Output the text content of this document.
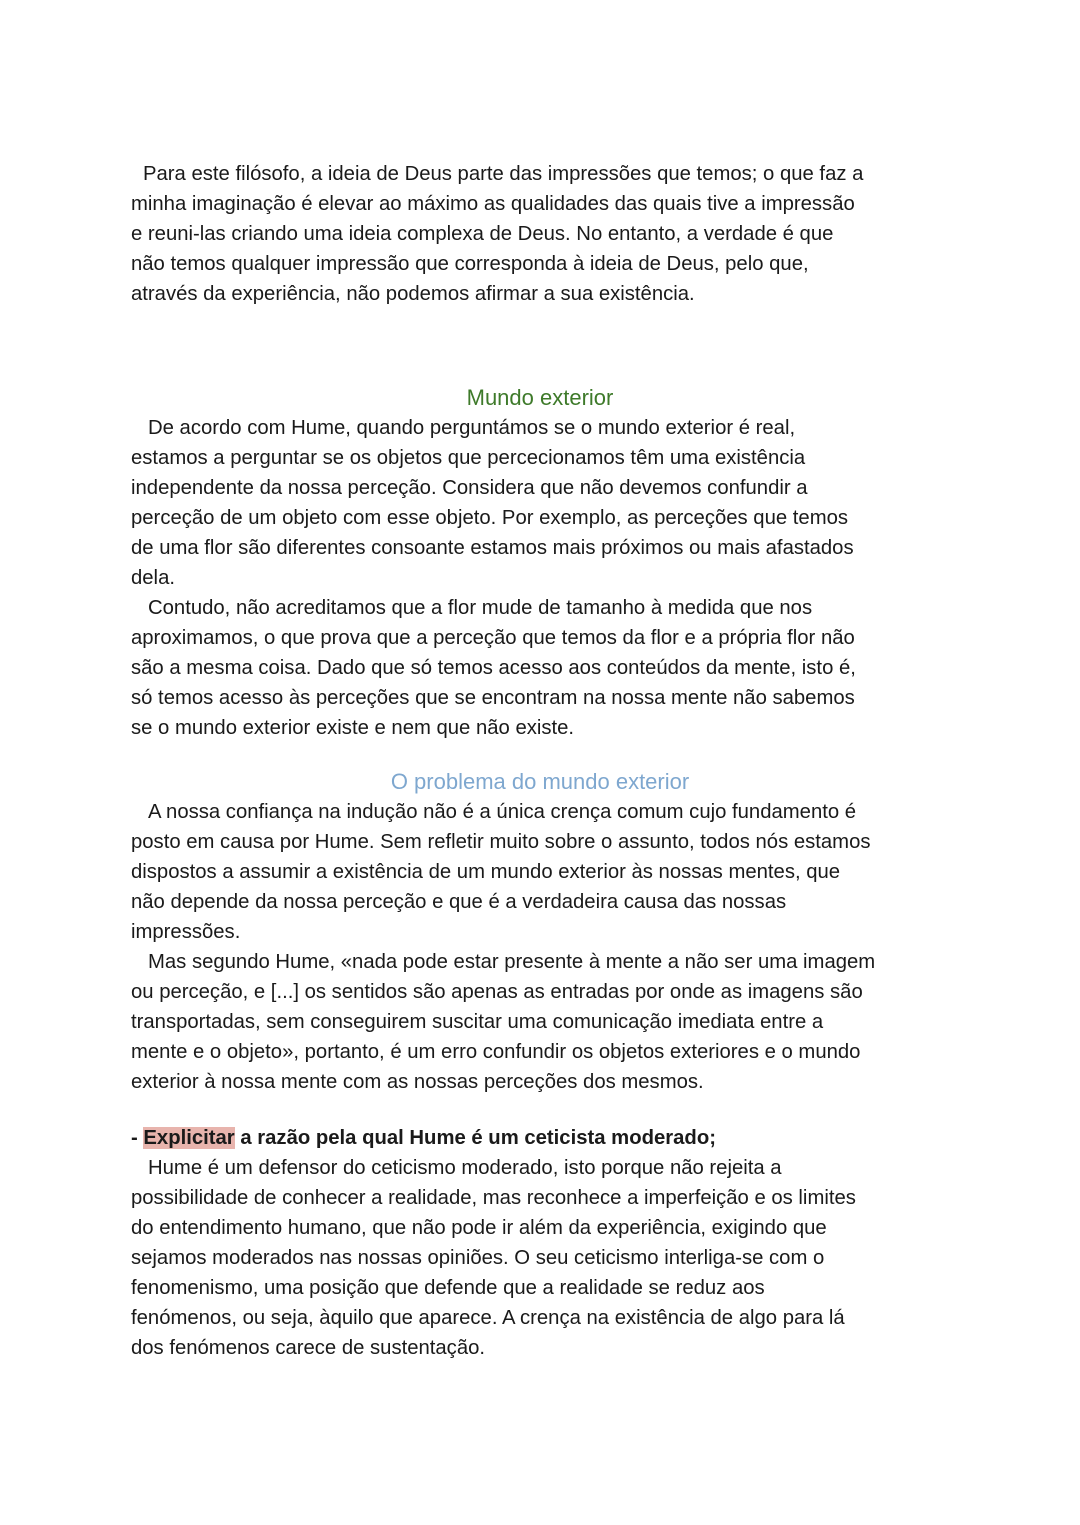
Para este filósofo, a ideia de Deus parte das impressões que temos; o que faz a
minha imaginação é elevar ao máximo as qualidades das quais tive a impressão
e reuni-las criando uma ideia complexa de Deus. No entanto, a verdade é que
não temos qualquer impressão que corresponda à ideia de Deus, pelo que,
através da experiência, não podemos afirmar a sua existência.
Mundo exterior
De acordo com Hume, quando perguntámos se o mundo exterior é real,
estamos a perguntar se os objetos que percecionamos têm uma existência
independente da nossa perceção. Considera que não devemos confundir a
perceção de um objeto com esse objeto. Por exemplo, as perceções que temos
de uma flor são diferentes consoante estamos mais próximos ou mais afastados
dela.
Contudo, não acreditamos que a flor mude de tamanho à medida que nos
aproximamos, o que prova que a perceção que temos da flor e a própria flor não
são a mesma coisa. Dado que só temos acesso aos conteúdos da mente, isto é,
só temos acesso às perceções que se encontram na nossa mente não sabemos
se o mundo exterior existe e nem que não existe.
O problema do mundo exterior
A nossa confiança na indução não é a única crença comum cujo fundamento é
posto em causa por Hume. Sem refletir muito sobre o assunto, todos nós estamos
dispostos a assumir a existência de um mundo exterior às nossas mentes, que
não depende da nossa perceção e que é a verdadeira causa das nossas
impressões.
Mas segundo Hume, «nada pode estar presente à mente a não ser uma imagem
ou perceção, e [...] os sentidos são apenas as entradas por onde as imagens são
transportadas, sem conseguirem suscitar uma comunicação imediata entre a
mente e o objeto», portanto, é um erro confundir os objetos exteriores e o mundo
exterior à nossa mente com as nossas perceções dos mesmos.
- Explicitar a razão pela qual Hume é um ceticista moderado;
Hume é um defensor do ceticismo moderado, isto porque não rejeita a
possibilidade de conhecer a realidade, mas reconhece a imperfeição e os limites
do entendimento humano, que não pode ir além da experiência, exigindo que
sejamos moderados nas nossas opiniões. O seu ceticismo interliga-se com o
fenomenismo, uma posição que defende que a realidade se reduz aos
fenómenos, ou seja, àquilo que aparece. A crença na existência de algo para lá
dos fenómenos carece de sustentação.
